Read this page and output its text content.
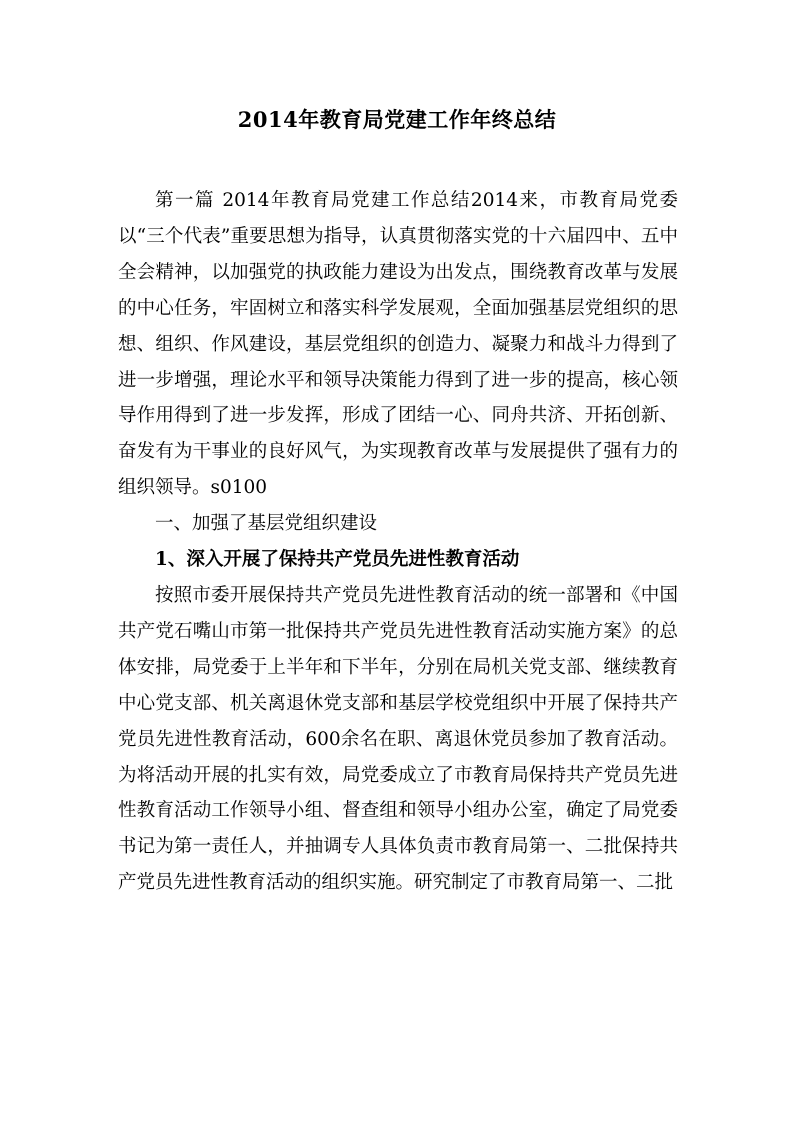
2014年教育局党建工作年终总结

第一篇 2014年教育局党建工作总结2014来，市教育局党委以“三个代表”重要思想为指导，认真贯彻落实党的十六届四中、五中全会精神，以加强党的执政能力建设为出发点，围绕教育改革与发展的中心任务，牢固树立和落实科学发展观，全面加强基层党组织的思想、组织、作风建设，基层党组织的创造力、凝聚力和战斗力得到了进一步增强，理论水平和领导决策能力得到了进一步的提高，核心领导作用得到了进一步发挥，形成了团结一心、同舟共济、开拓创新、奋发有为干事业的良好风气，为实现教育改革与发展提供了强有力的组织领导。s0100

一、加强了基层党组织建设

1、深入开展了保持共产党员先进性教育活动

按照市委开展保持共产党员先进性教育活动的统一部署和《中国共产党石嘴山市第一批保持共产党员先进性教育活动实施方案》的总体安排，局党委于上半年和下半年，分别在局机关党支部、继续教育中心党支部、机关离退休党支部和基层学校党组织中开展了保持共产党员先进性教育活动，600余名在职、离退休党员参加了教育活动。为将活动开展的扎实有效，局党委成立了市教育局保持共产党员先进性教育活动工作领导小组、督查组和领导小组办公室，确定了局党委书记为第一责任人，并抽调专人具体负责市教育局第一、二批保持共产党员先进性教育活动的组织实施。研究制定了市教育局第一、二批
